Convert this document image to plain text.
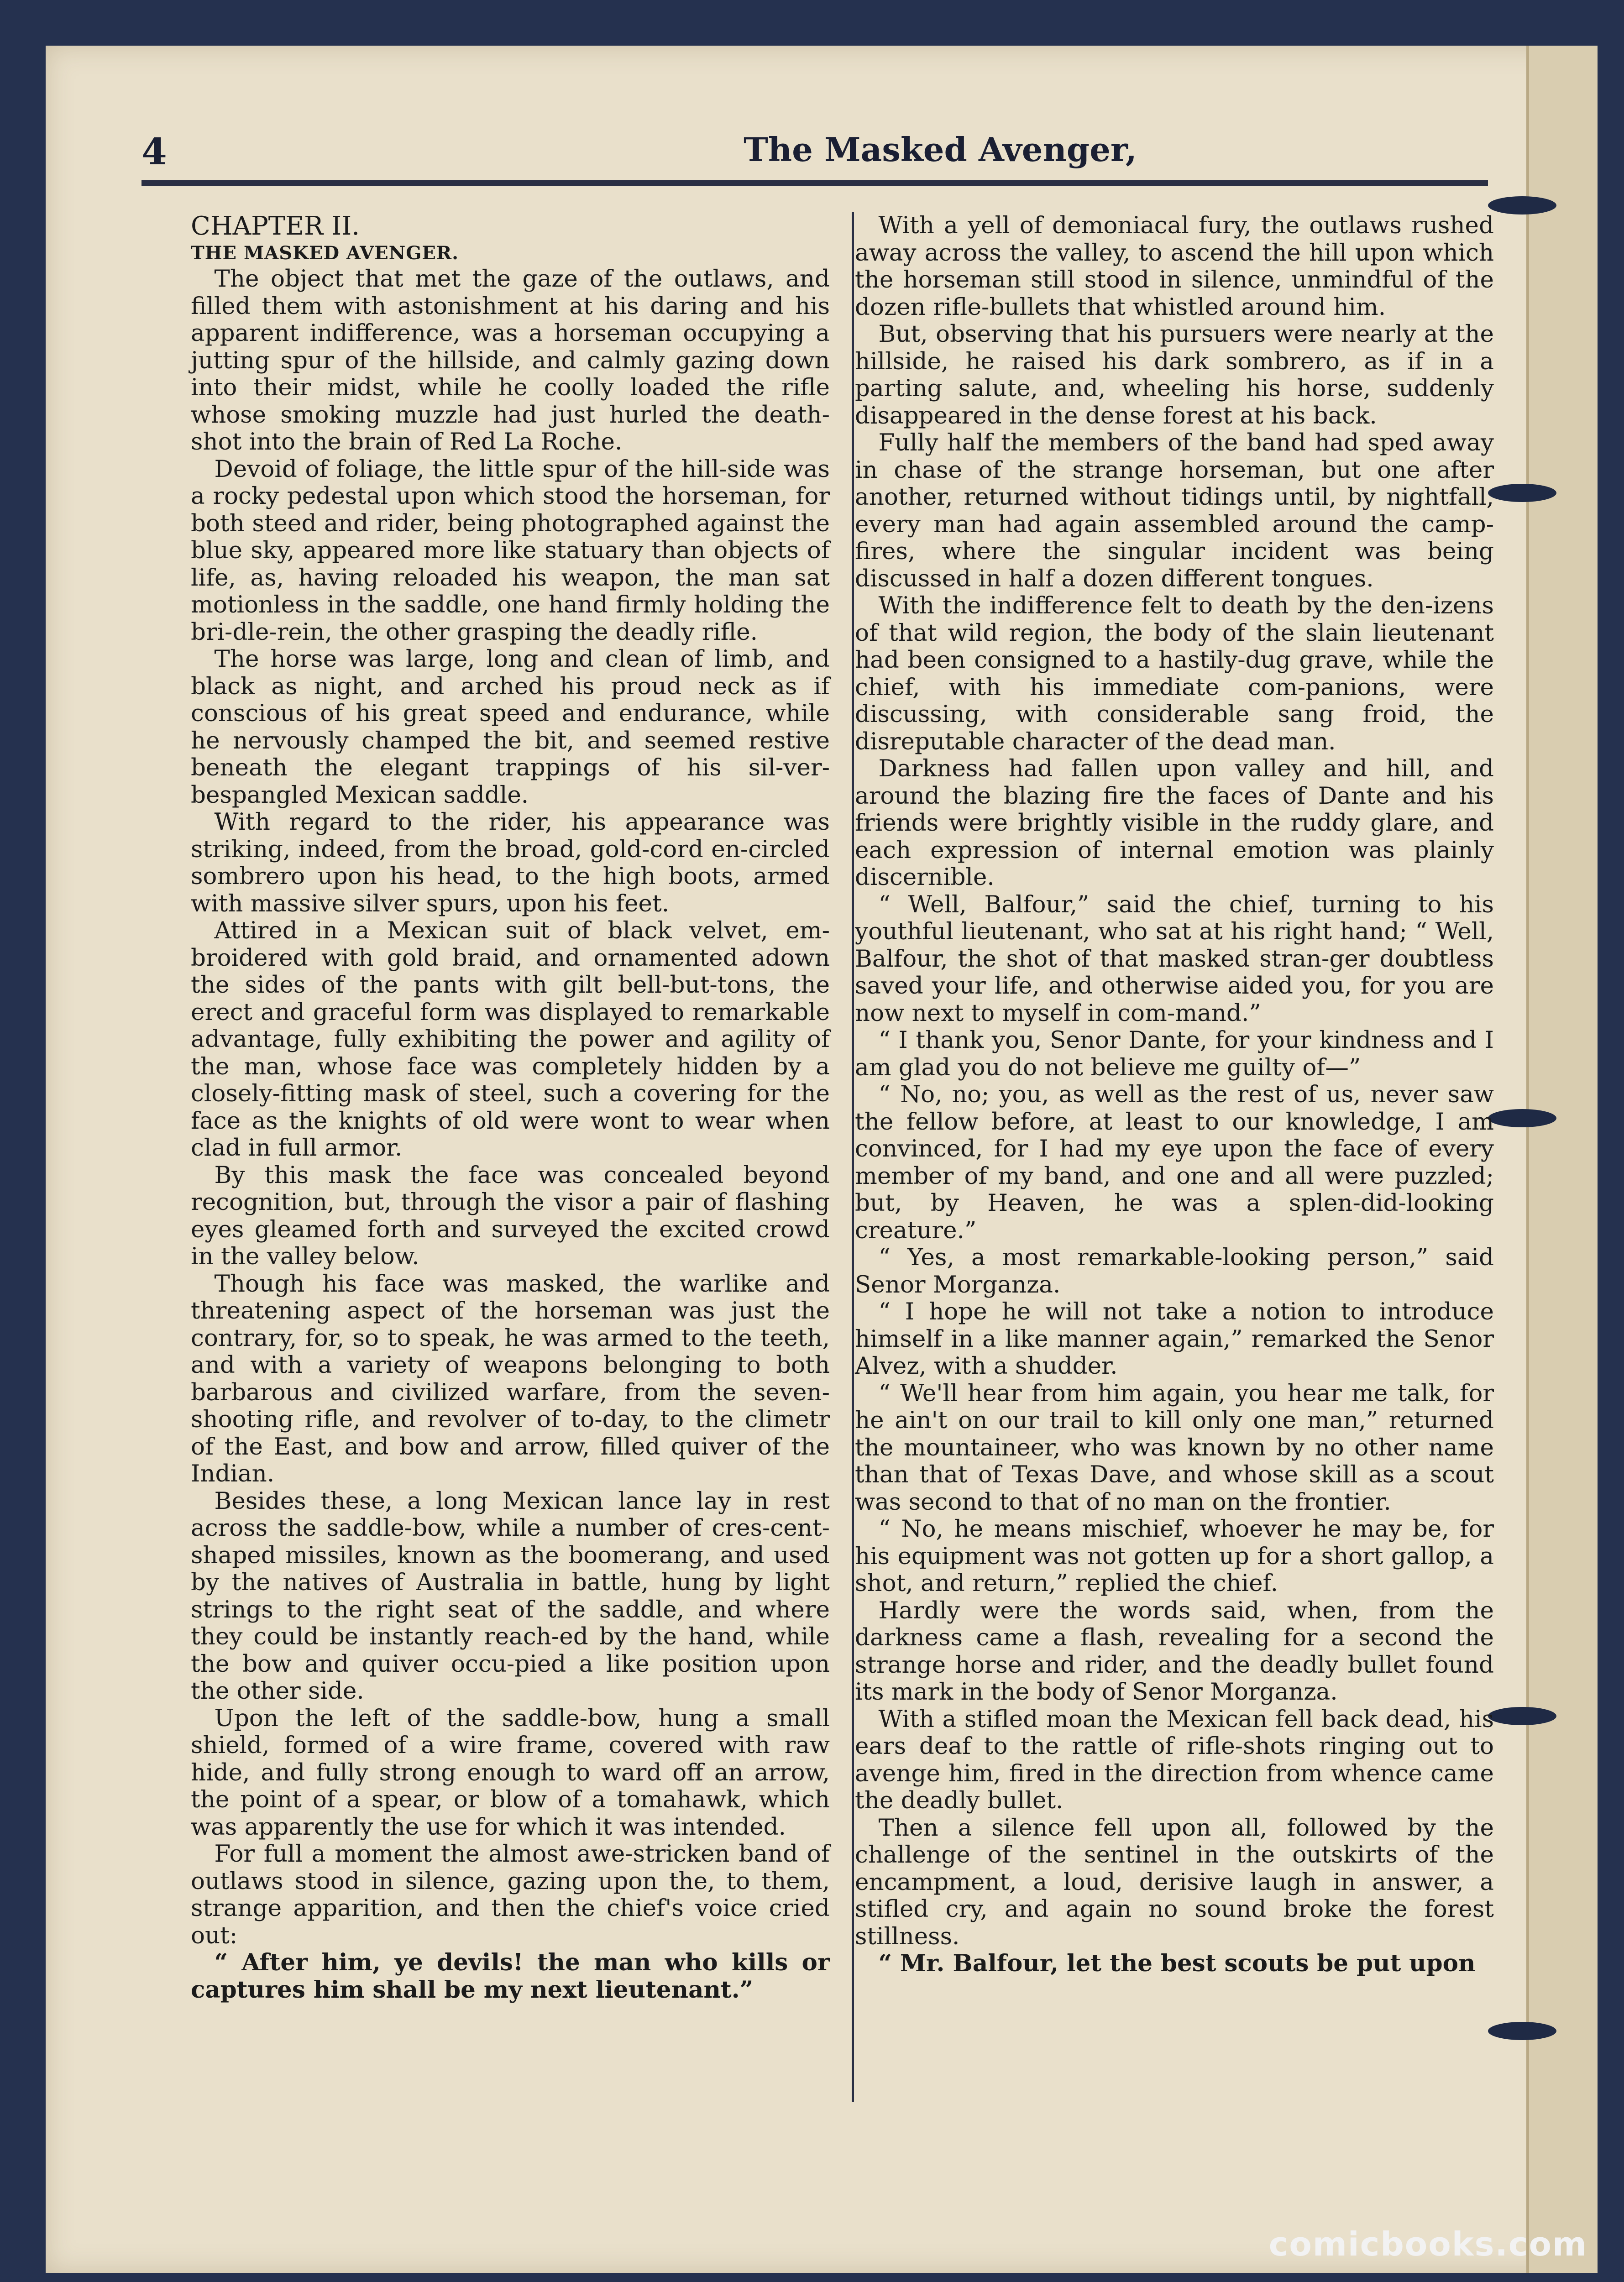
4	The Masked Avenger,

CHAPTER II.

THE MASKED AVENGER.

The object that met the gaze of the outlaws, and filled them with astonishment at his daring and his apparent indifference, was a horseman occupying a jutting spur of the hillside, and calmly gazing down into their midst, while he coolly loaded the rifle whose smoking muzzle had just hurled the death-shot into the brain of Red La Roche.

Devoid of foliage, the little spur of the hill-side was a rocky pedestal upon which stood the horseman, for both steed and rider, being photographed against the blue sky, appeared more like statuary than objects of life, as, having reloaded his weapon, the man sat motionless in the saddle, one hand firmly holding the bri-dle-rein, the other grasping the deadly rifle.

The horse was large, long and clean of limb, and black as night, and arched his proud neck as if conscious of his great speed and endurance, while he nervously champed the bit, and seemed restive beneath the elegant trappings of his sil-ver-bespangled Mexican saddle.

With regard to the rider, his appearance was striking, indeed, from the broad, gold-cord en-circled sombrero upon his head, to the high boots, armed with massive silver spurs, upon his feet.

Attired in a Mexican suit of black velvet, em-broidered with gold braid, and ornamented adown the sides of the pants with gilt bell-but-tons, the erect and graceful form was displayed to remarkable advantage, fully exhibiting the power and agility of the man, whose face was completely hidden by a closely-fitting mask of steel, such a covering for the face as the knights of old were wont to wear when clad in full armor.

By this mask the face was concealed beyond recognition, but, through the visor a pair of flashing eyes gleamed forth and surveyed the excited crowd in the valley below.

Though his face was masked, the warlike and threatening aspect of the horseman was just the contrary, for, so to speak, he was armed to the teeth, and with a variety of weapons belonging to both barbarous and civilized warfare, from the seven-shooting rifle, and revolver of to-day, to the climetr of the East, and bow and arrow, filled quiver of the Indian.

Besides these, a long Mexican lance lay in rest across the saddle-bow, while a number of cres-cent-shaped missiles, known as the boomerang, and used by the natives of Australia in battle, hung by light strings to the right seat of the saddle, and where they could be instantly reach-ed by the hand, while the bow and quiver occu-pied a like position upon the other side.

Upon the left of the saddle-bow, hung a small shield, formed of a wire frame, covered with raw hide, and fully strong enough to ward off an arrow, the point of a spear, or blow of a tomahawk, which was apparently the use for which it was intended.

For full a moment the almost awe-stricken band of outlaws stood in silence, gazing upon the, to them, strange apparition, and then the chief's voice cried out:

“ After him, ye devils! the man who kills or captures him shall be my next lieutenant.”

With a yell of demoniacal fury, the outlaws rushed away across the valley, to ascend the hill upon which the horseman still stood in silence, unmindful of the dozen rifle-bullets that whistled around him.

But, observing that his pursuers were nearly at the hillside, he raised his dark sombrero, as if in a parting salute, and, wheeling his horse, suddenly disappeared in the dense forest at his back.

Fully half the members of the band had sped away in chase of the strange horseman, but one after another, returned without tidings until, by nightfall, every man had again assembled around the camp-fires, where the singular incident was being discussed in half a dozen different tongues.

With the indifference felt to death by the den-izens of that wild region, the body of the slain lieutenant had been consigned to a hastily-dug grave, while the chief, with his immediate com-panions, were discussing, with considerable sang froid, the disreputable character of the dead man.

Darkness had fallen upon valley and hill, and around the blazing fire the faces of Dante and his friends were brightly visible in the ruddy glare, and each expression of internal emotion was plainly discernible.

“ Well, Balfour,” said the chief, turning to his youthful lieutenant, who sat at his right hand; “ Well, Balfour, the shot of that masked stran-ger doubtless saved your life, and otherwise aided you, for you are now next to myself in com-mand.”

“ I thank you, Senor Dante, for your kindness and I am glad you do not believe me guilty of—”

“ No, no; you, as well as the rest of us, never saw the fellow before, at least to our knowledge, I am convinced, for I had my eye upon the face of every member of my band, and one and all were puzzled; but, by Heaven, he was a splen-did-looking creature.”

“ Yes, a most remarkable-looking person,” said Senor Morganza.

“ I hope he will not take a notion to introduce himself in a like manner again,” remarked the Senor Alvez, with a shudder.

“ We'll hear from him again, you hear me talk, for he ain't on our trail to kill only one man,” returned the mountaineer, who was known by no other name than that of Texas Dave, and whose skill as a scout was second to that of no man on the frontier.

“ No, he means mischief, whoever he may be, for his equipment was not gotten up for a short gallop, a shot, and return,” replied the chief.

Hardly were the words said, when, from the darkness came a flash, revealing for a second the strange horse and rider, and the deadly bullet found its mark in the body of Senor Morganza.

With a stifled moan the Mexican fell back dead, his ears deaf to the rattle of rifle-shots ringing out to avenge him, fired in the direction from whence came the deadly bullet.

Then a silence fell upon all, followed by the challenge of the sentinel in the outskirts of the encampment, a loud, derisive laugh in answer, a stifled cry, and again no sound broke the forest stillness.

“ Mr. Balfour, let the best scouts be put upon

comicbooks.com
